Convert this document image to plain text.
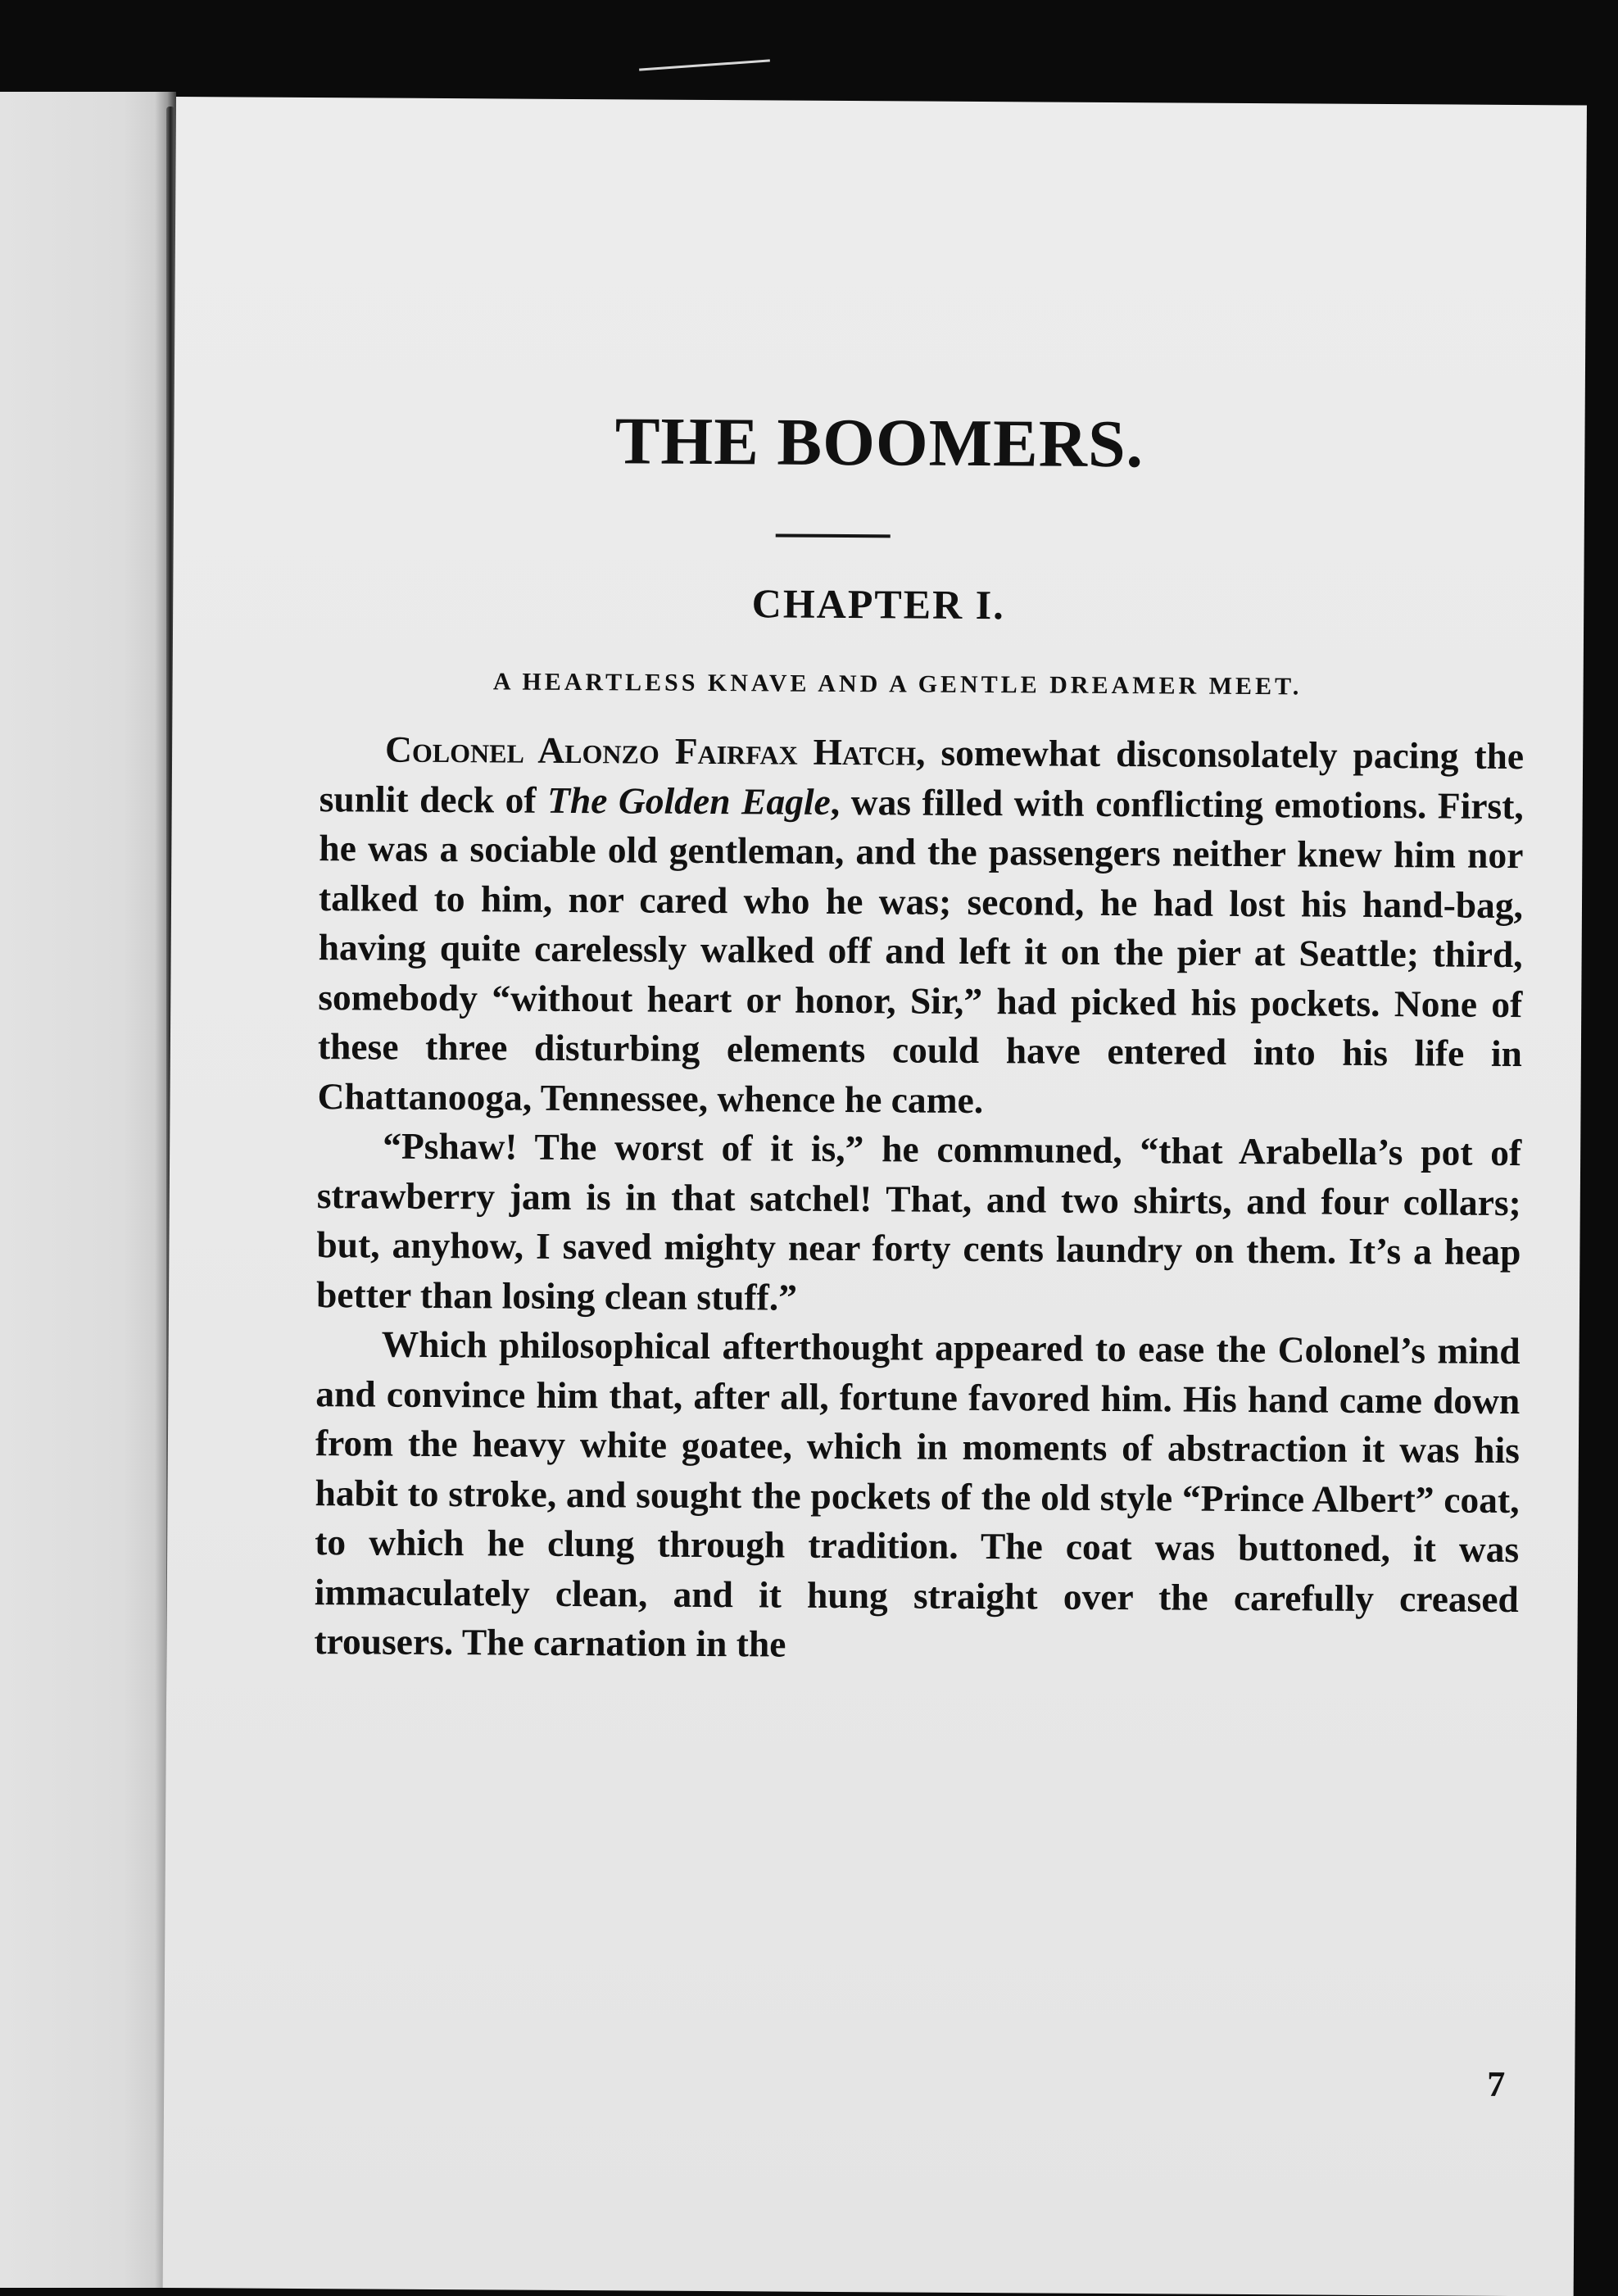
THE BOOMERS.
CHAPTER I.
A HEARTLESS KNAVE AND A GENTLE DREAMER MEET.

Colonel Alonzo Fairfax Hatch, somewhat disconsolately pacing the sunlit deck of The Golden Eagle, was filled with conflicting emotions. First, he was a sociable old gentleman, and the passengers neither knew him nor talked to him, nor cared who he was; second, he had lost his hand-bag, having quite carelessly walked off and left it on the pier at Seattle; third, somebody “without heart or honor, Sir,” had picked his pockets. None of these three disturbing elements could have entered into his life in Chattanooga, Tennessee, whence he came.

“Pshaw! The worst of it is,” he communed, “that Arabella’s pot of strawberry jam is in that satchel! That, and two shirts, and four collars; but, anyhow, I saved mighty near forty cents laundry on them. It’s a heap better than losing clean stuff.”

Which philosophical afterthought appeared to ease the Colonel’s mind and convince him that, after all, fortune favored him. His hand came down from the heavy white goatee, which in moments of abstraction it was his habit to stroke, and sought the pockets of the old style “Prince Albert” coat, to which he clung through tradition. The coat was buttoned, it was immaculately clean, and it hung straight over the carefully creased trousers. The carnation in the

7
